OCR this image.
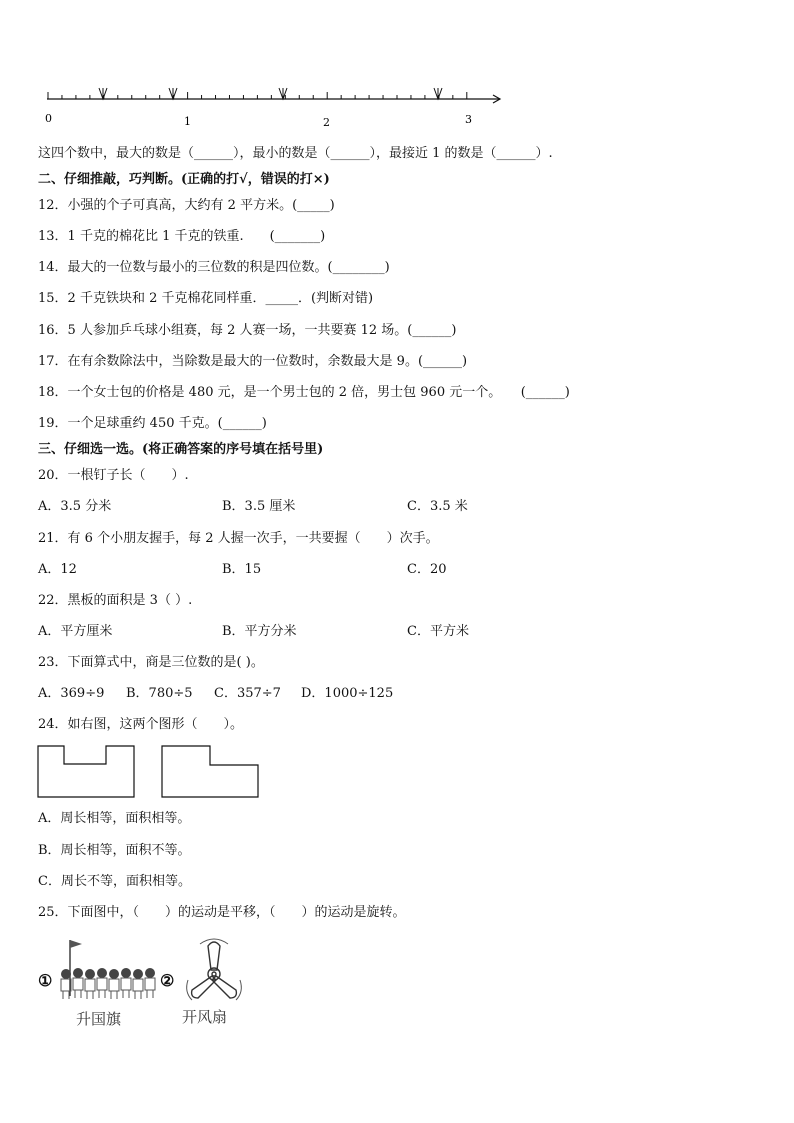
0	1	2	3
这四个数中，最大的数是（______），最小的数是（______），最接近 1 的数是（______）.
二、仔细推敲，巧判断。(正确的打√，错误的打×)
12．小强的个子可真高，大约有 2 平方米。(_____)
13．1 千克的棉花比 1 千克的铁重.　　(_______)
14．最大的一位数与最小的三位数的积是四位数。(________)
15．2 千克铁块和 2 千克棉花同样重．_____．(判断对错)
16．5 人参加乒乓球小组赛，每 2 人赛一场，一共要赛 12 场。(______)
17．在有余数除法中，当除数是最大的一位数时，余数最大是 9。(______)
18．一个女士包的价格是 480 元，是一个男士包的 2 倍，男士包 960 元一个。　　(______)
19．一个足球重约 450 千克。(______)
三、仔细选一选。(将正确答案的序号填在括号里)
20．一根钉子长（　　）.
A．3.5 分米	B．3.5 厘米	C．3.5 米
21．有 6 个小朋友握手，每 2 人握一次手，一共要握（　　）次手。
A．12	B．15	C．20
22．黑板的面积是 3（ ）.
A．平方厘米	B．平方分米	C．平方米
23．下面算式中，商是三位数的是( )。
A．369÷9 B．780÷5 C．357÷7 D．1000÷125
24．如右图，这两个图形（　　）。
A．周长相等，面积相等。
B．周长相等，面积不等。
C．周长不等，面积相等。
25．下面图中，（　　）的运动是平移，（　　）的运动是旋转。
①
升国旗
②
开风扇
